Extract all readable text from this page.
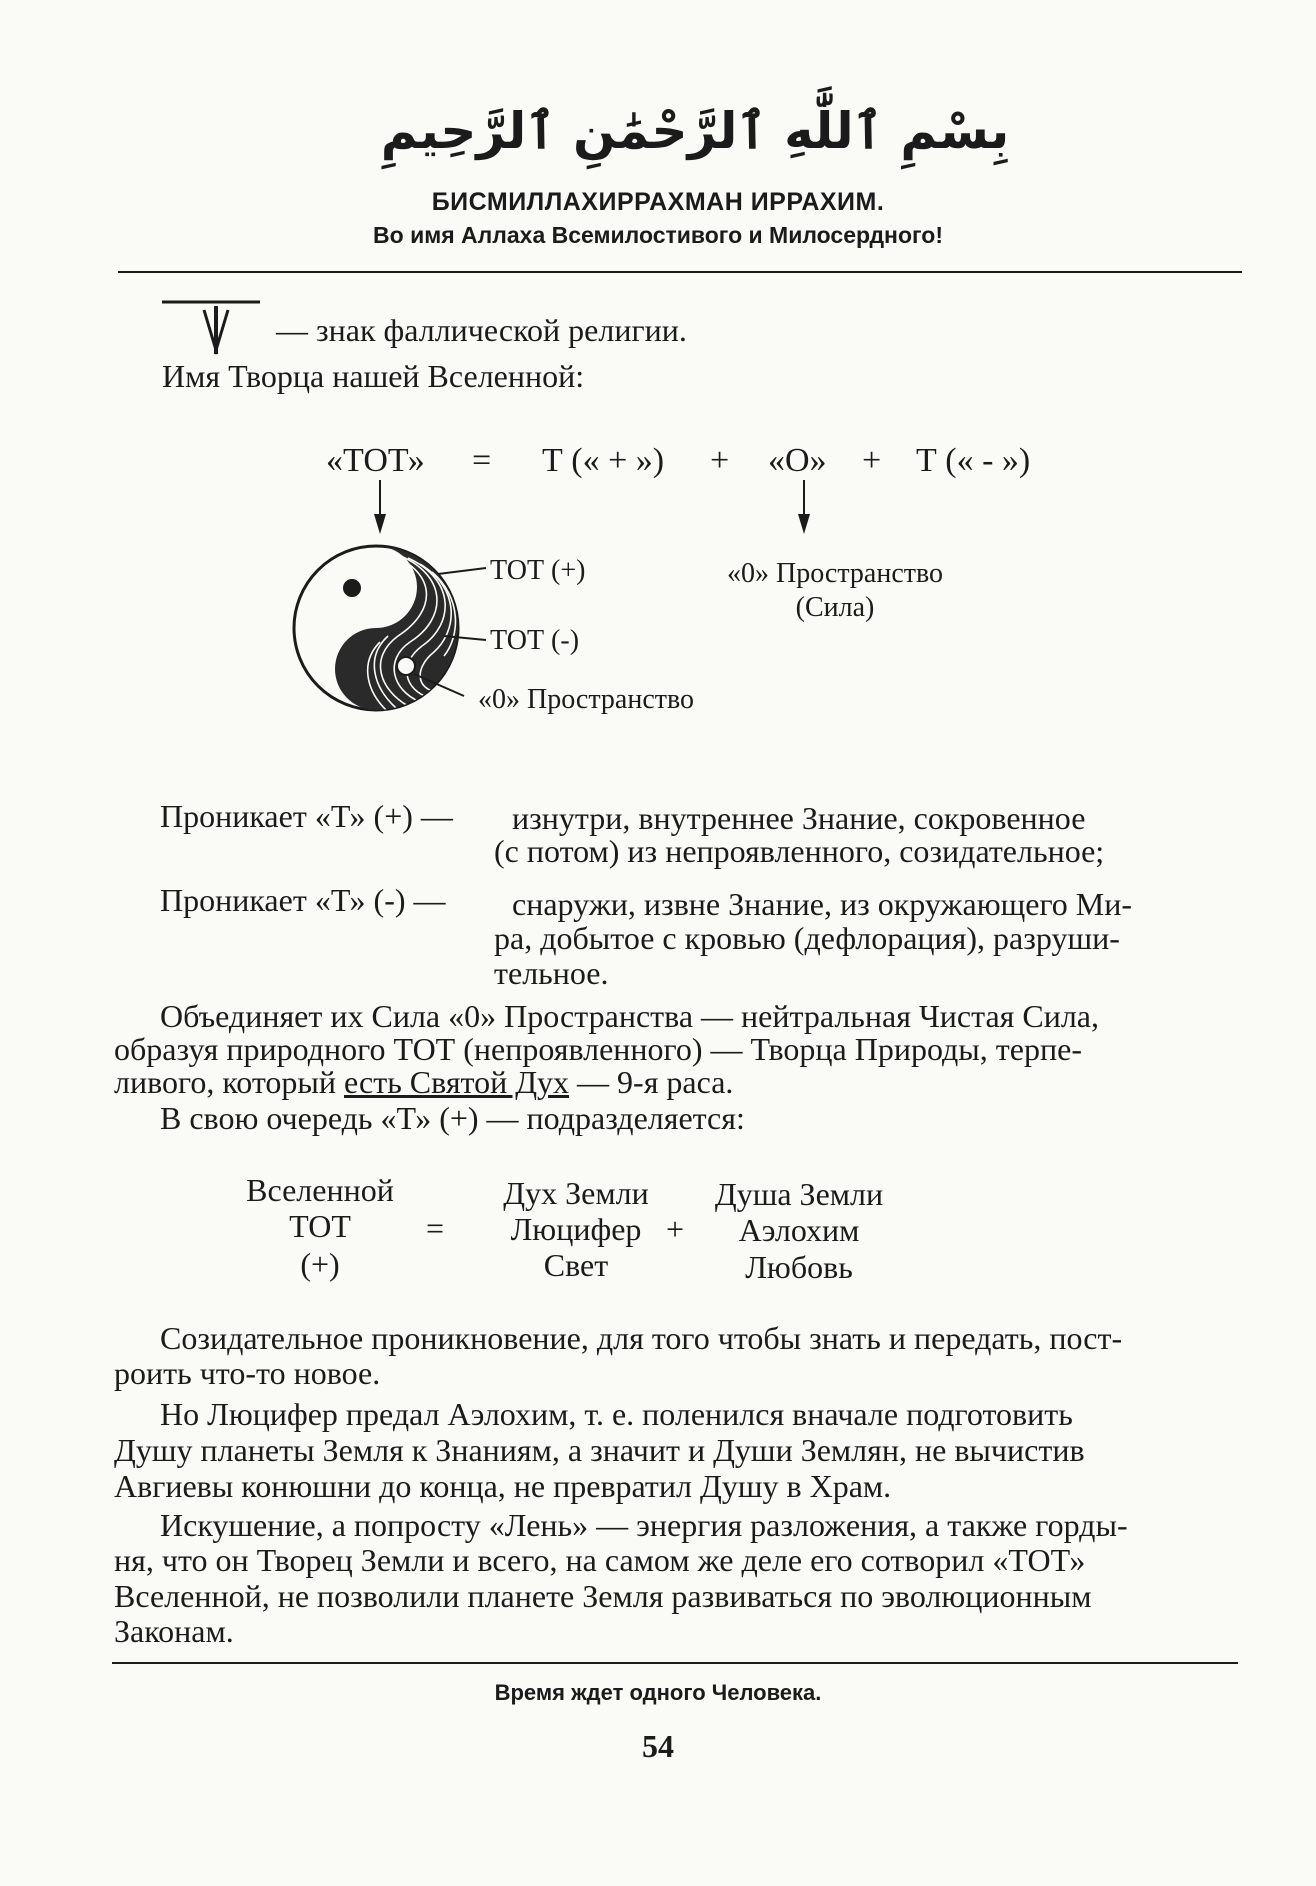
بِسْمِ ٱللَّٰهِ ٱلرَّحْمَٰنِ ٱلرَّحِيمِ
БИСМИЛЛАХИРРАХМАН ИРРАХИМ.
Во имя Аллаха Всемилостивого и Милосердного!
— знак фаллической религии.
Имя Творца нашей Вселенной:
«ТОТ» = Т (« + ») + «О» + Т (« - »)
ТОТ (+)
ТОТ (-)
«0» Пространство
«0» Пространство
(Сила)
Проникает «Т» (+) — изнутри, внутреннее Знание, сокровенное
(с потом) из непроявленного, созидательное;
Проникает «Т» (-) — снаружи, извне Знание, из окружающего Ми-
ра, добытое с кровью (дефлорация), разруши-
тельное.
Объединяет их Сила «0» Пространства — нейтральная Чистая Сила,
образуя природного ТОТ (непроявленного) — Творца Природы, терпе-
ливого, который есть Святой Дух — 9-я раса.
В свою очередь «Т» (+) — подразделяется:
Вселенной
ТОТ
(+)
=
Дух Земли
Люцифер
Свет
+
Душа Земли
Аэлохим
Любовь
Созидательное проникновение, для того чтобы знать и передать, пост-
роить что-то новое.
Но Люцифер предал Аэлохим, т. е. поленился вначале подготовить
Душу планеты Земля к Знаниям, а значит и Души Землян, не вычистив
Авгиевы конюшни до конца, не превратил Душу в Храм.
Искушение, а попросту «Лень» — энергия разложения, а также горды-
ня, что он Творец Земли и всего, на самом же деле его сотворил «ТОТ»
Вселенной, не позволили планете Земля развиваться по эволюционным
Законам.
Время ждет одного Человека.
54
